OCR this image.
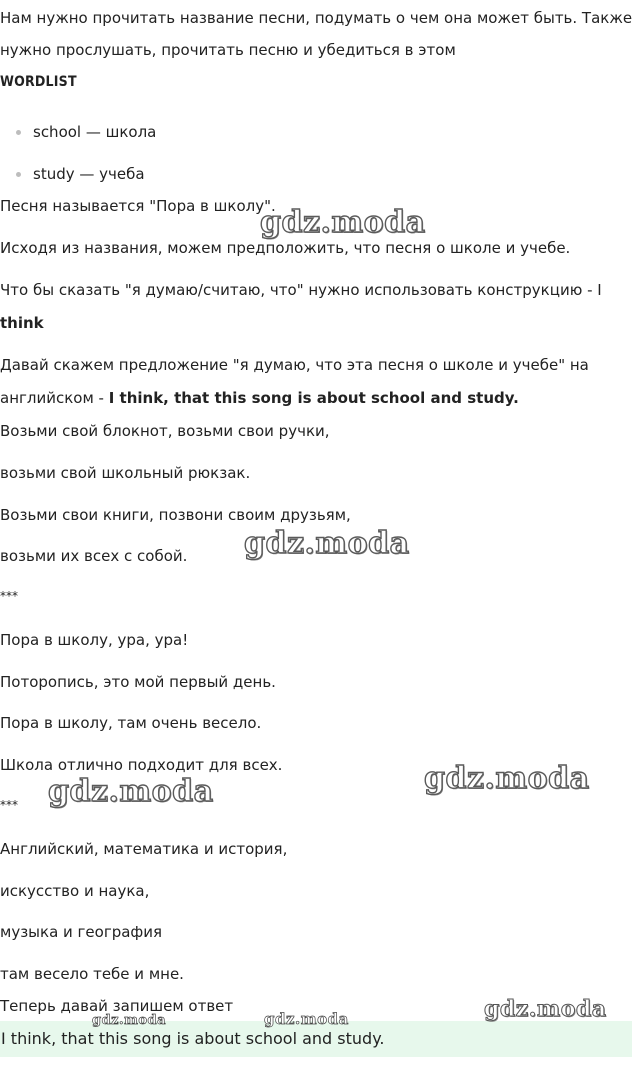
Нам нужно прочитать название песни, подумать о чем она может быть. Также
нужно прослушать, прочитать песню и убедиться в этом
WORDLIST
school — школа
study — учеба
Песня называется "Пора в школу".
Исходя из названия, можем предположить, что песня о школе и учебе.
Что бы сказать "я думаю/считаю, что" нужно использовать конструкцию - I
think
Давай скажем предложение "я думаю, что эта песня о школе и учебе" на
английском - I think, that this song is about school and study.
Возьми свой блокнот, возьми свои ручки,
возьми свой школьный рюкзак.
Возьми свои книги, позвони своим друзьям,
возьми их всех с собой.
***
Пора в школу, ура, ура!
Поторопись, это мой первый день.
Пора в школу, там очень весело.
Школа отлично подходит для всех.
***
Английский, математика и история,
искусство и наука,
музыка и география
там весело тебе и мне.
Теперь давай запишем ответ
I think, that this song is about school and study.
gdz.moda
gdz.moda
gdz.moda
gdz.moda
gdz.moda
gdz.moda	gdz.moda
